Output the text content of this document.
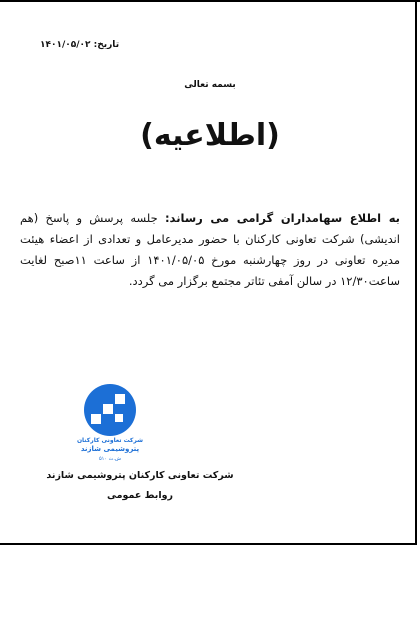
تاریخ: ۱۴۰۱/۰۵/۰۲
بسمه تعالی
(اطلاعیه)
به اطلاع سهامداران گرامی می رساند: جلسه پرسش و پاسخ (هم اندیشی) شرکت تعاونی کارکنان با حضور مدیرعامل و تعدادی از اعضاء هیئت مدیره تعاونی در روز چهارشنبه مورخ ۱۴۰۱/۰۵/۰۵ از ساعت ۱۱صبح لغایت ساعت۱۲/۳۰ در سالن آمفی تئاتر مجتمع برگزار می گردد.
شرکت تعاونی کارکنان
پتروشیمی شازند
ش.ث ۵۱۰
شرکت تعاونی کارکنان پتروشیمی شازند
روابط عمومی
